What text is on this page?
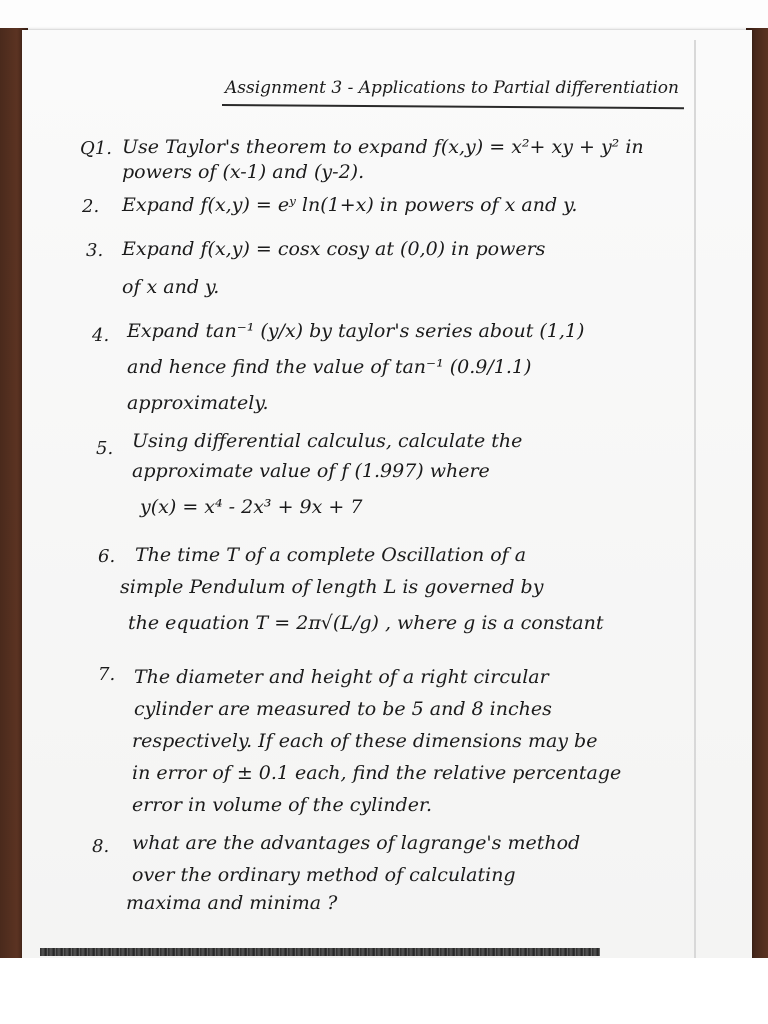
Assignment 3 - Applications to Partial differentiation
Q1. Use Taylor's theorem to expand f(x,y) = x²+ xy + y² in
powers of (x-1) and (y-2).
2. Expand f(x,y) = eʸ ln(1+x) in powers of x and y.
3. Expand f(x,y) = cosx cosy at (0,0) in powers
of x and y.
4. Expand tan⁻¹ (y/x) by taylor's series about (1,1)
and hence find the value of tan⁻¹ (0.9/1.1)
approximately.
5. Using differential calculus, calculate the
approximate value of f (1.997) where
y(x) = x⁴ - 2x³ + 9x + 7
6. The time T of a complete Oscillation of a
simple Pendulum of length L is governed by
the equation T = 2π√(L/g) , where g is a constant
7. The diameter and height of a right circular
cylinder are measured to be 5 and 8 inches
respectively. If each of these dimensions may be
in error of ± 0.1 each, find the relative percentage
error in volume of the cylinder.
8. what are the advantages of lagrange's method
over the ordinary method of calculating
maxima and minima ?
